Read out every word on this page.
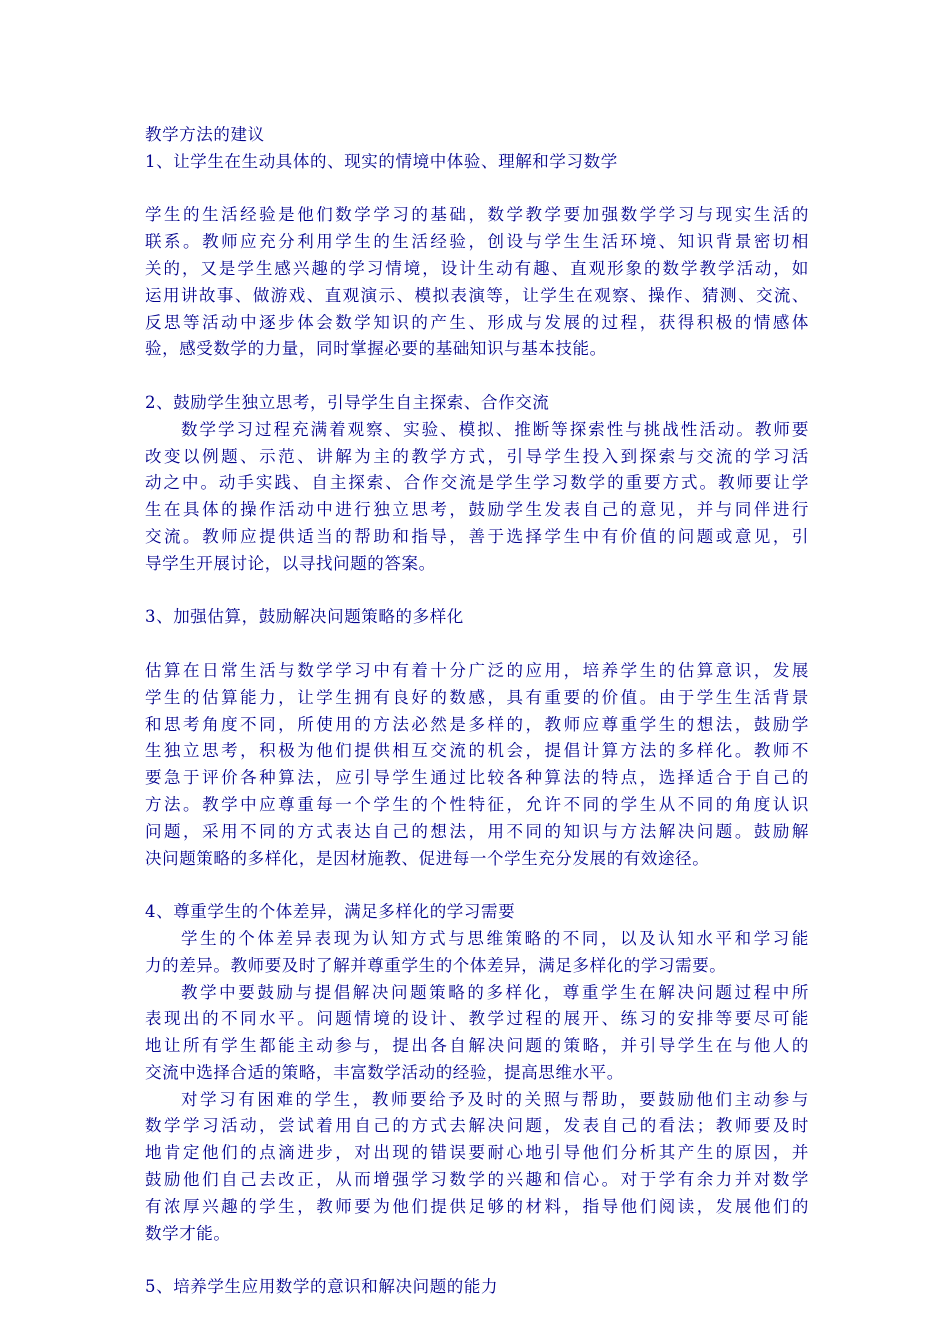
教学方法的建议
1、让学生在生动具体的、现实的情境中体验、理解和学习数学
学生的生活经验是他们数学学习的基础，数学教学要加强数学学习与现实生活的
联系。教师应充分利用学生的生活经验，创设与学生生活环境、知识背景密切相
关的，又是学生感兴趣的学习情境，设计生动有趣、直观形象的数学教学活动，如
运用讲故事、做游戏、直观演示、模拟表演等，让学生在观察、操作、猜测、交流、
反思等活动中逐步体会数学知识的产生、形成与发展的过程，获得积极的情感体
验，感受数学的力量，同时掌握必要的基础知识与基本技能。
2、鼓励学生独立思考，引导学生自主探索、合作交流
数学学习过程充满着观察、实验、模拟、推断等探索性与挑战性活动。教师要
改变以例题、示范、讲解为主的教学方式，引导学生投入到探索与交流的学习活
动之中。动手实践、自主探索、合作交流是学生学习数学的重要方式。教师要让学
生在具体的操作活动中进行独立思考，鼓励学生发表自己的意见，并与同伴进行
交流。教师应提供适当的帮助和指导，善于选择学生中有价值的问题或意见，引
导学生开展讨论，以寻找问题的答案。
3、加强估算，鼓励解决问题策略的多样化
估算在日常生活与数学学习中有着十分广泛的应用，培养学生的估算意识，发展
学生的估算能力，让学生拥有良好的数感，具有重要的价值。由于学生生活背景
和思考角度不同，所使用的方法必然是多样的，教师应尊重学生的想法，鼓励学
生独立思考，积极为他们提供相互交流的机会，提倡计算方法的多样化。教师不
要急于评价各种算法，应引导学生通过比较各种算法的特点，选择适合于自己的
方法。教学中应尊重每一个学生的个性特征，允许不同的学生从不同的角度认识
问题，采用不同的方式表达自己的想法，用不同的知识与方法解决问题。鼓励解
决问题策略的多样化，是因材施教、促进每一个学生充分发展的有效途径。
4、尊重学生的个体差异，满足多样化的学习需要
学生的个体差异表现为认知方式与思维策略的不同，以及认知水平和学习能
力的差异。教师要及时了解并尊重学生的个体差异，满足多样化的学习需要。
教学中要鼓励与提倡解决问题策略的多样化，尊重学生在解决问题过程中所
表现出的不同水平。问题情境的设计、教学过程的展开、练习的安排等要尽可能
地让所有学生都能主动参与，提出各自解决问题的策略，并引导学生在与他人的
交流中选择合适的策略，丰富数学活动的经验，提高思维水平。
对学习有困难的学生，教师要给予及时的关照与帮助，要鼓励他们主动参与
数学学习活动，尝试着用自己的方式去解决问题，发表自己的看法；教师要及时
地肯定他们的点滴进步，对出现的错误要耐心地引导他们分析其产生的原因，并
鼓励他们自己去改正，从而增强学习数学的兴趣和信心。对于学有余力并对数学
有浓厚兴趣的学生，教师要为他们提供足够的材料，指导他们阅读，发展他们的
数学才能。
5、培养学生应用数学的意识和解决问题的能力
